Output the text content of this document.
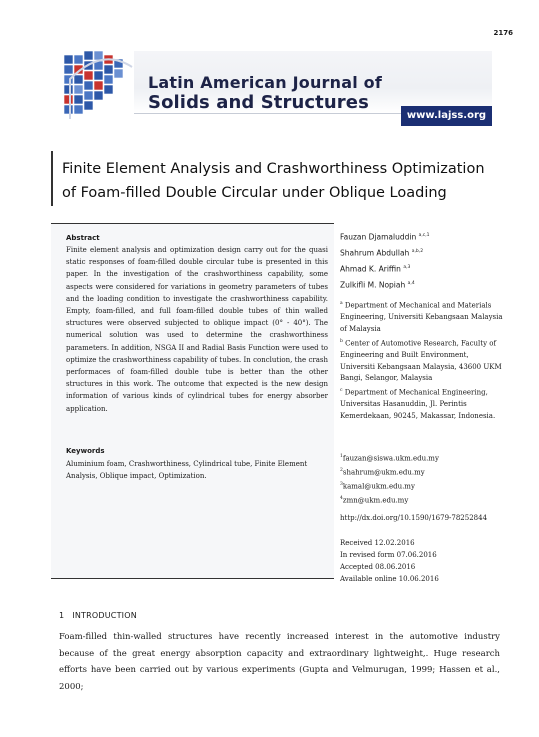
2176
Latin American Journal of
Solids and Structures
www.lajss.org
Finite Element Analysis and Crashworthiness Optimization
of Foam-filled Double Circular under Oblique Loading
Abstract
Finite element analysis and optimization design carry out for the quasi static responses of foam-filled double circular tube is presented in this paper. In the investigation of the crashworthiness capability, some aspects were considered for variations in geometry parameters of tubes and the loading condition to investigate the crashworthiness capability. Empty, foam-filled, and full foam-filled double tubes of thin walled structures were observed subjected to oblique impact (0° - 40°). The numerical solution was used to determine the crashworthiness parameters. In addition, NSGA II and Radial Basis Function were used to optimize the crashworthiness capability of tubes. In conclution, the crash performaces of foam-filled double tube is better than the other structures in this work. The outcome that expected is the new design information of various kinds of cylindrical tubes for energy absorber application.
Keywords
Aluminium foam, Crashworthiness, Cylindrical tube, Finite Element Analysis, Oblique impact, Optimization.
Fauzan Djamaluddin $^{a,c,1}$
Shahrum Abdullah $^{a,b,2}$
Ahmad K. Ariffin $^{a,3}$
Zulkifli M. Nopiah $^{a,4}$
$^a$ Department of Mechanical and Materials Engineering, Universiti Kebangsaan Malaysia of Malaysia
$^b$ Center of Automotive Research, Faculty of Engineering and Built Environment, Universiti Kebangsaan Malaysia, 43600 UKM Bangi, Selangor, Malaysia
$^c$ Department of Mechanical Engineering, Universitas Hasanuddin, Jl. Perintis Kemerdekaan, 90245, Makassar, Indonesia.
$^1$fauzan@siswa.ukm.edu.my
$^2$shahrum@ukm.edu.my
$^3$kamal@ukm.edu.my
$^4$zmn@ukm.edu.my
http://dx.doi.org/10.1590/1679-78252844
Received 12.02.2016
In revised form 07.06.2016
Accepted 08.06.2016
Available online 10.06.2016
1 INTRODUCTION
Foam-filled thin-walled structures have recently increased interest in the automotive industry because of the great energy absorption capacity and extraordinary lightweight,. Huge research efforts have been carried out by various experiments (Gupta and Velmurugan, 1999; Hassen et al., 2000;
